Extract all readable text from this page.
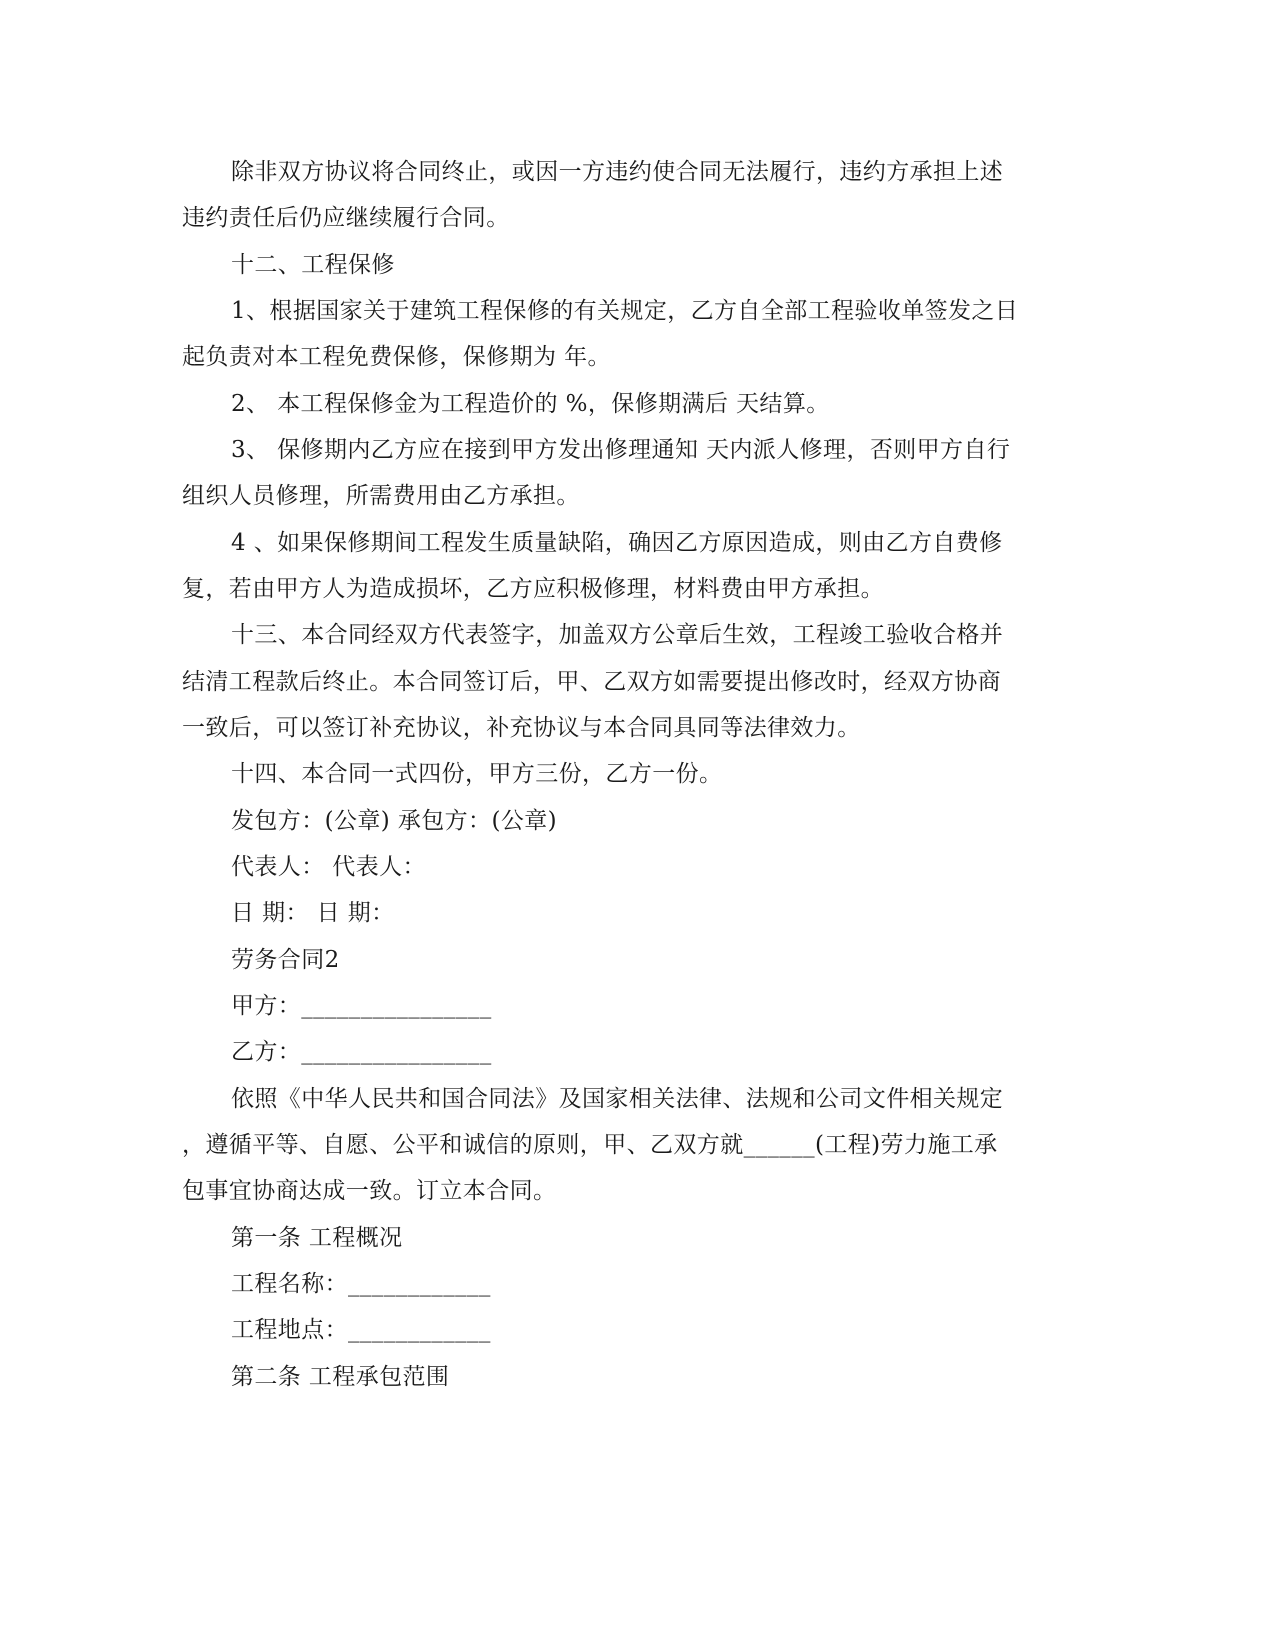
除非双方协议将合同终止，或因一方违约使合同无法履行，违约方承担上述
违约责任后仍应继续履行合同。
十二、工程保修
1、根据国家关于建筑工程保修的有关规定，乙方自全部工程验收单签发之日
起负责对本工程免费保修，保修期为 年。
2、 本工程保修金为工程造价的 %，保修期满后 天结算。
3、 保修期内乙方应在接到甲方发出修理通知 天内派人修理，否则甲方自行
组织人员修理，所需费用由乙方承担。
4 、如果保修期间工程发生质量缺陷，确因乙方原因造成，则由乙方自费修
复，若由甲方人为造成损坏，乙方应积极修理，材料费由甲方承担。
十三、本合同经双方代表签字，加盖双方公章后生效，工程竣工验收合格并
结清工程款后终止。本合同签订后，甲、乙双方如需要提出修改时，经双方协商
一致后，可以签订补充协议，补充协议与本合同具同等法律效力。
十四、本合同一式四份，甲方三份，乙方一份。
发包方：(公章) 承包方：(公章)
代表人： 代表人：
日 期： 日 期：
劳务合同2
甲方：________________
乙方：________________
依照《中华人民共和国合同法》及国家相关法律、法规和公司文件相关规定
，遵循平等、自愿、公平和诚信的原则，甲、乙双方就______(工程)劳力施工承
包事宜协商达成一致。订立本合同。
第一条 工程概况
工程名称：____________
工程地点：____________
第二条 工程承包范围
